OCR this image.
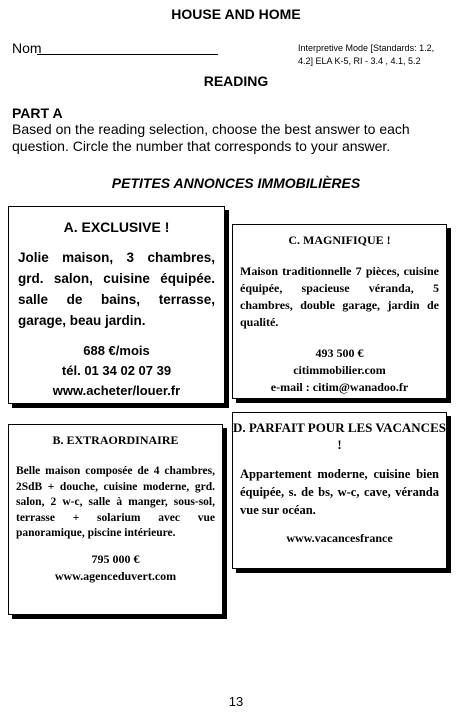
HOUSE AND HOME
Nom	Interpretive Mode [Standards: 1.2, 4.2] ELA K-5, RI - 3.4 , 4.1, 5.2
READING
PART A
Based on the reading selection, choose the best answer to each question. Circle the number that corresponds to your answer.
PETITES ANNONCES IMMOBILIÈRES
A. EXCLUSIVE !
Jolie maison, 3 chambres, grd. salon, cuisine équipée. salle de bains, terrasse, garage, beau jardin.
688 €/mois
tél. 01 34 02 07 39
www.acheter/louer.fr
C. MAGNIFIQUE !
Maison traditionnelle 7 pièces, cuisine équipée, spacieuse véranda, 5 chambres, double garage, jardin de qualité.
493 500 €
citimmobilier.com
e-mail : citim@wanadoo.fr
B. EXTRAORDINAIRE
Belle maison composée de 4 chambres, 2SdB + douche, cuisine moderne, grd. salon, 2 w-c, salle à manger, sous-sol, terrasse + solarium avec vue panoramique, piscine intérieure.
795 000 €
www.agenceduvert.com
D. PARFAIT POUR LES VACANCES !
Appartement moderne, cuisine bien équipée, s. de bs, w-c, cave, véranda vue sur océan.
www.vacancesfrance
13
